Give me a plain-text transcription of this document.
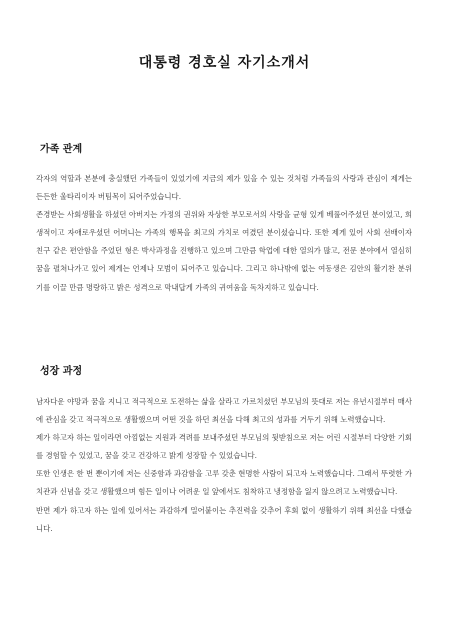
대통령 경호실 자기소개서
가족 관계

각자의 역할과 본분에 충실했던 가족들이 있었기에 지금의 제가 있을 수 있는 것처럼 가족들의 사랑과 관심이 제게는 든든한 울타리이자 버팀목이 되어주었습니다.

존경받는 사회생활을 하셨던 아버지는 가정의 권위와 자상한 부모로서의 사랑을 균형 있게 베풀어주셨던 분이었고, 희생적이고 자애로우셨던 어머니는 가족의 행복을 최고의 가치로 여겼던 분이셨습니다. 또한 제게 있어 사회 선배이자 친구 같은 편안함을 주었던 형은 박사과정을 진행하고 있으며 그만큼 학업에 대한 열의가 많고, 전문 분야에서 열심히 꿈을 펼쳐나가고 있어 제게는 언제나 모범이 되어주고 있습니다. 그리고 하나밖에 없는 여동생은 김안의 활기찬 분위기를 이끌 만큼 명랑하고 밝은 성격으로 막내답게 가족의 귀여움을 독차지하고 있습니다.

성장 과정

남자다운 야망과 꿈을 지니고 적극적으로 도전하는 삶을 살라고 가르치셨던 부모님의 뜻대로 저는 유년시절부터 매사에 관심을 갖고 적극적으로 생활했으며 어떤 것을 하던 최선을 다해 최고의 성과를 거두기 위해 노력했습니다.

제가 하고자 하는 일이라면 아낌없는 지원과 격려를 보내주셨던 부모님의 뒷받침으로 저는 어린 시절부터 다양한 기회를 경험할 수 있었고, 꿈을 갖고 건강하고 밝게 성장할 수 있었습니다.

또한 인생은 한 번 뿐이기에 저는 신중함과 과감함을 고루 갖춘 현명한 사람이 되고자 노력했습니다. 그래서 뚜렷한 가치관과 신념을 갖고 생활했으며 힘든 일이나 어려운 일 앞에서도 침착하고 냉정함을 잃지 않으려고 노력했습니다.

반면 제가 하고자 하는 일에 있어서는 과감하게 밀어붙이는 추진력을 갖추어 후회 없이 생활하기 위해 최선을 다했습니다.
